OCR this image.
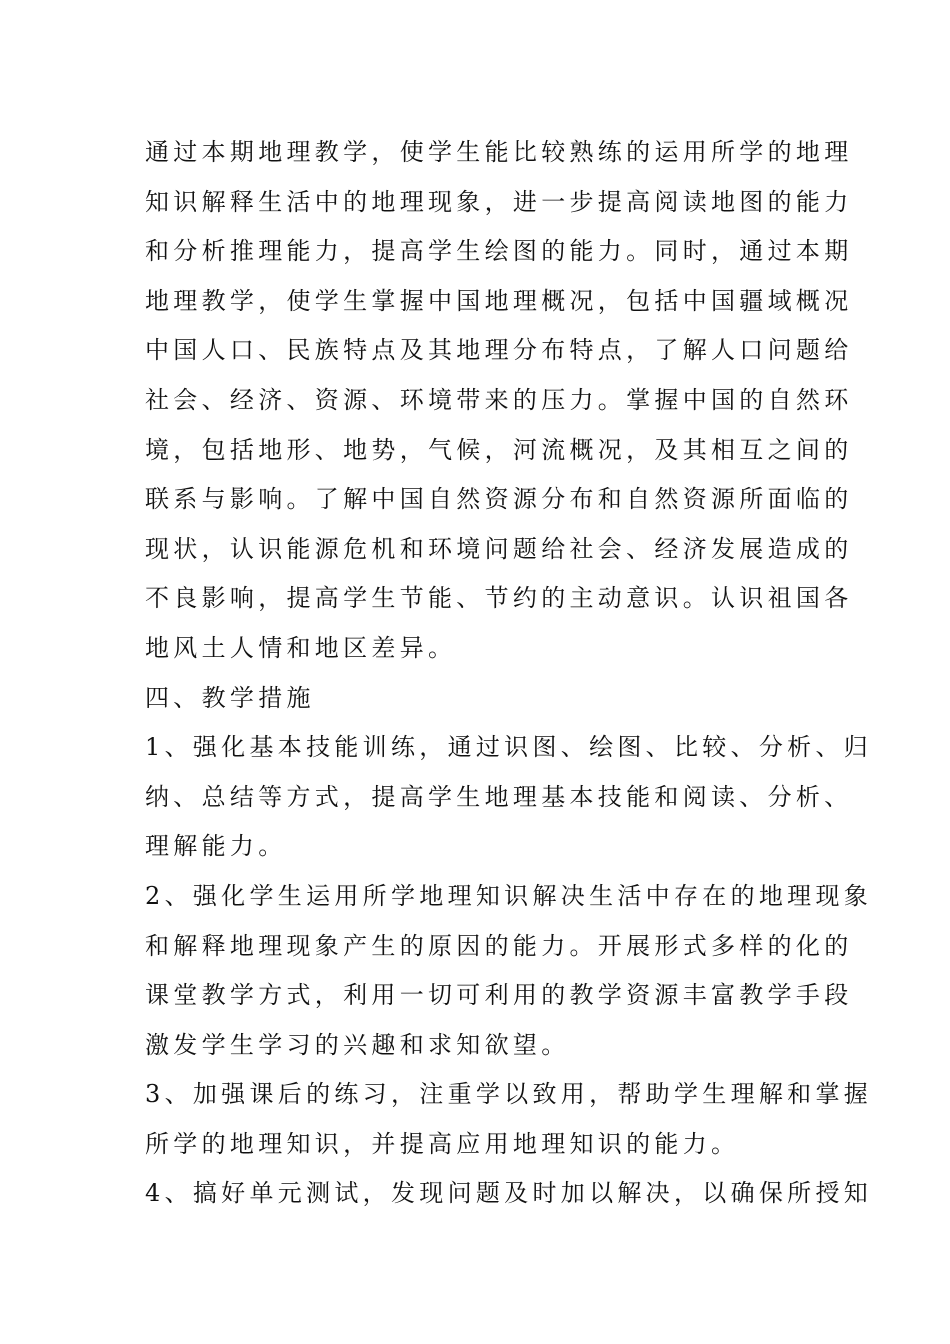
通过本期地理教学，使学生能比较熟练的运用所学的地理
知识解释生活中的地理现象，进一步提高阅读地图的能力
和分析推理能力，提高学生绘图的能力。同时，通过本期
地理教学，使学生掌握中国地理概况，包括中国疆域概况
中国人口、民族特点及其地理分布特点，了解人口问题给
社会、经济、资源、环境带来的压力。掌握中国的自然环
境，包括地形、地势，气候，河流概况，及其相互之间的
联系与影响。了解中国自然资源分布和自然资源所面临的
现状，认识能源危机和环境问题给社会、经济发展造成的
不良影响，提高学生节能、节约的主动意识。认识祖国各
地风土人情和地区差异。
四、教学措施
1、强化基本技能训练，通过识图、绘图、比较、分析、归
纳、总结等方式，提高学生地理基本技能和阅读、分析、
理解能力。
2、强化学生运用所学地理知识解决生活中存在的地理现象
和解释地理现象产生的原因的能力。开展形式多样的化的
课堂教学方式，利用一切可利用的教学资源丰富教学手段
激发学生学习的兴趣和求知欲望。
3、加强课后的练习，注重学以致用，帮助学生理解和掌握
所学的地理知识，并提高应用地理知识的能力。
4、搞好单元测试，发现问题及时加以解决，以确保所授知
